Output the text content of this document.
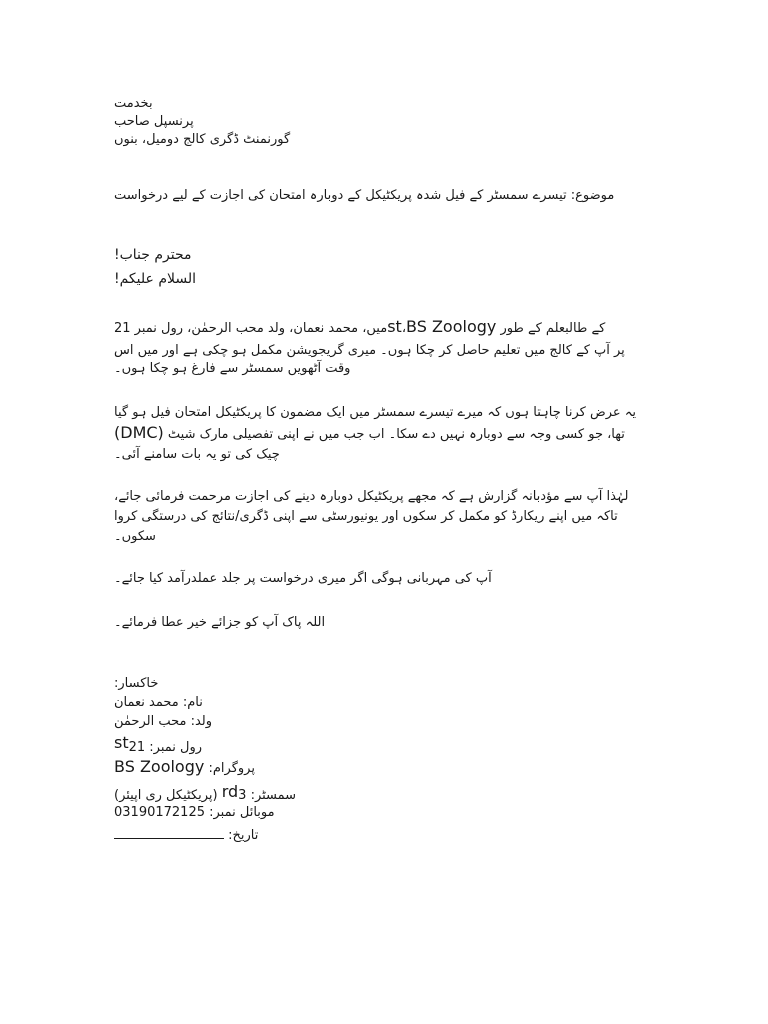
بخدمت
پرنسپل صاحب
گورنمنٹ ڈگری کالج دومیل، بنوں
موضوع: تیسرے سمسٹر کے فیل شدہ پریکٹیکل کے دوبارہ امتحان کی اجازت کے لیے درخواست
محترم جناب!
السلام علیکم!
کے طالبعلم کے طور BS Zoology،stمیں، محمد نعمان، ولد محب الرحمٰن، رول نمبر 21
پر آپ کے کالج میں تعلیم حاصل کر چکا ہوں۔ میری گریجویشن مکمل ہو چکی ہے اور میں اس
وقت آٹھویں سمسٹر سے فارغ ہو چکا ہوں۔
یہ عرض کرنا چاہتا ہوں کہ میرے تیسرے سمسٹر میں ایک مضمون کا پریکٹیکل امتحان فیل ہو گیا
تھا، جو کسی وجہ سے دوبارہ نہیں دے سکا۔ اب جب میں نے اپنی تفصیلی مارک شیٹ (DMC)
چیک کی تو یہ بات سامنے آئی۔
لہٰذا آپ سے مؤدبانہ گزارش ہے کہ مجھے پریکٹیکل دوبارہ دینے کی اجازت مرحمت فرمائی جائے،
تاکہ میں اپنے ریکارڈ کو مکمل کر سکوں اور یونیورسٹی سے اپنی ڈگری/نتائج کی درستگی کروا
سکوں۔
آپ کی مہربانی ہوگی اگر میری درخواست پر جلد عملدرآمد کیا جائے۔
اللہ پاک آپ کو جزائے خیر عطا فرمائے۔
خاکسار:
نام: محمد نعمان
ولد: محب الرحمٰن
رول نمبر: 21st
پروگرام: BS Zoology
سمسٹر: 3rd (پریکٹیکل ری اپیئر)
موبائل نمبر: 03190172125
تاریخ:
